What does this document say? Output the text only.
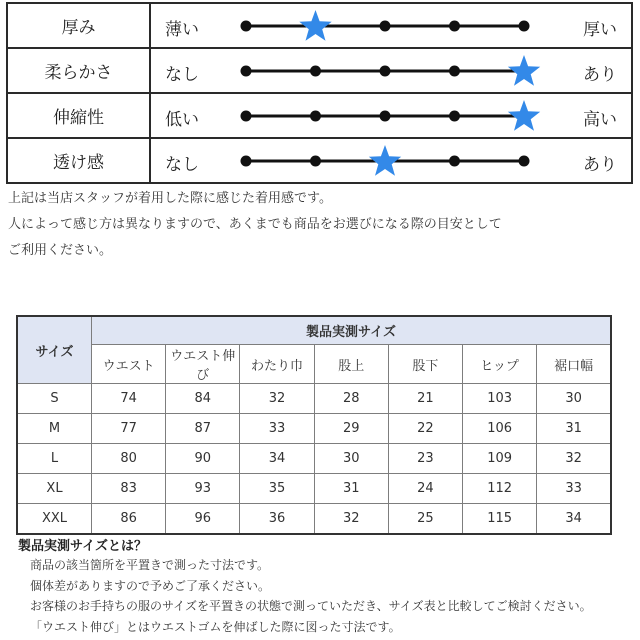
厚み	薄い 厚い

柔らかさ	なし あり

伸縮性	低い 高い

透け感	なし あり

上記は当店スタッフが着用した際に感じた着用感です。

人によって感じ方は異なりますので、あくまでも商品をお選びになる際の目安として

ご利用ください。

サイズ	製品実測サイズ						
	ウエスト	ウエスト伸び	わたり巾	股上	股下	ヒップ	裾口幅
S	74	84	32	28	21	103	30
M	77	87	33	29	22	106	31
L	80	90	34	30	23	109	32
XL	83	93	35	31	24	112	33
XXL	86	96	36	32	25	115	34
製品実測サイズとは？

商品の該当箇所を平置きで測った寸法です。

個体差がありますので予めご了承ください。

お客様のお手持ちの服のサイズを平置きの状態で測っていただき、サイズ表と比較してご検討ください。

「ウエスト伸び」とはウエストゴムを伸ばした際に図った寸法です。
